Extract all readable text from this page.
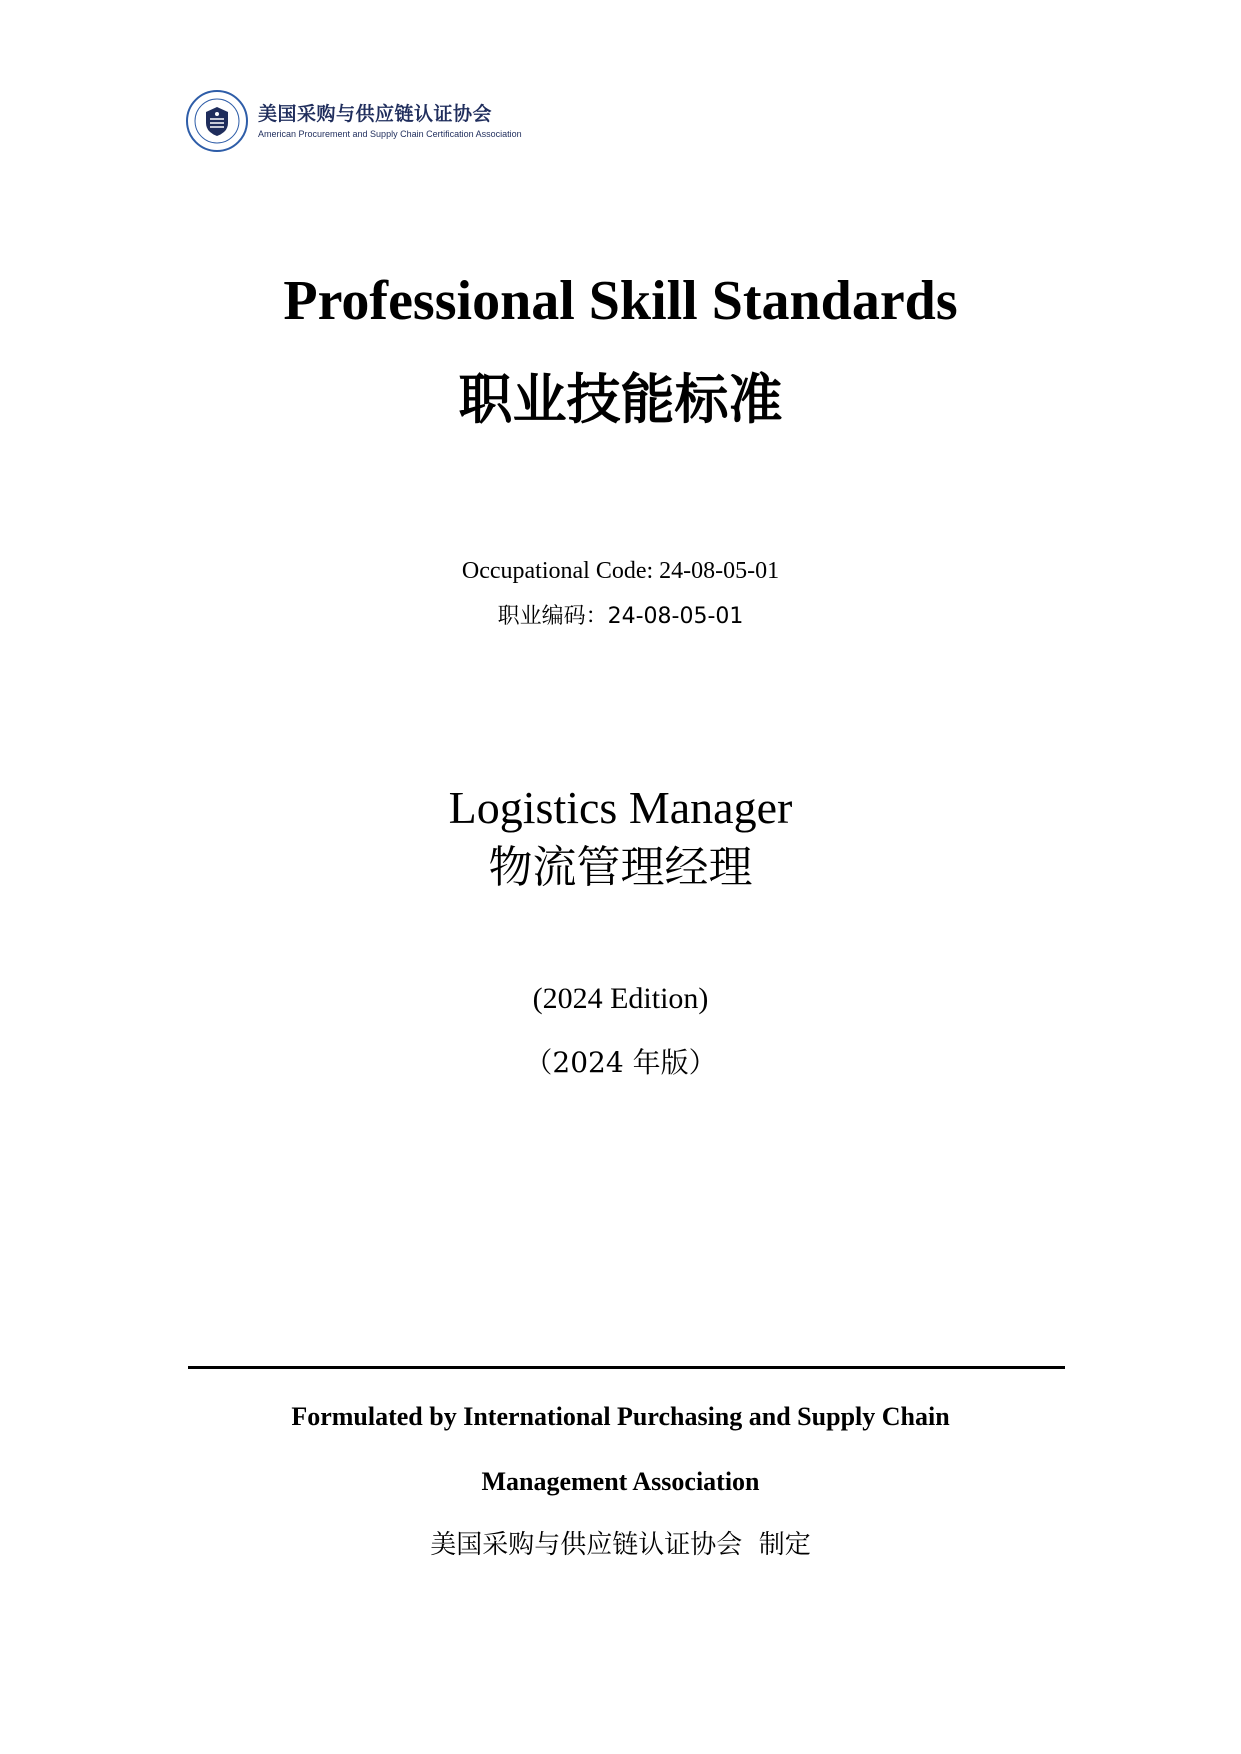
美国采购与供应链认证协会
American Procurement and Supply Chain Certification Association
Professional Skill Standards
职业技能标准
Occupational Code: 24-08-05-01
职业编码：24-08-05-01
Logistics Manager
物流管理经理
(2024 Edition)
（2024 年版）
Formulated by International Purchasing and Supply Chain
Management Association
美国采购与供应链认证协会  制定
